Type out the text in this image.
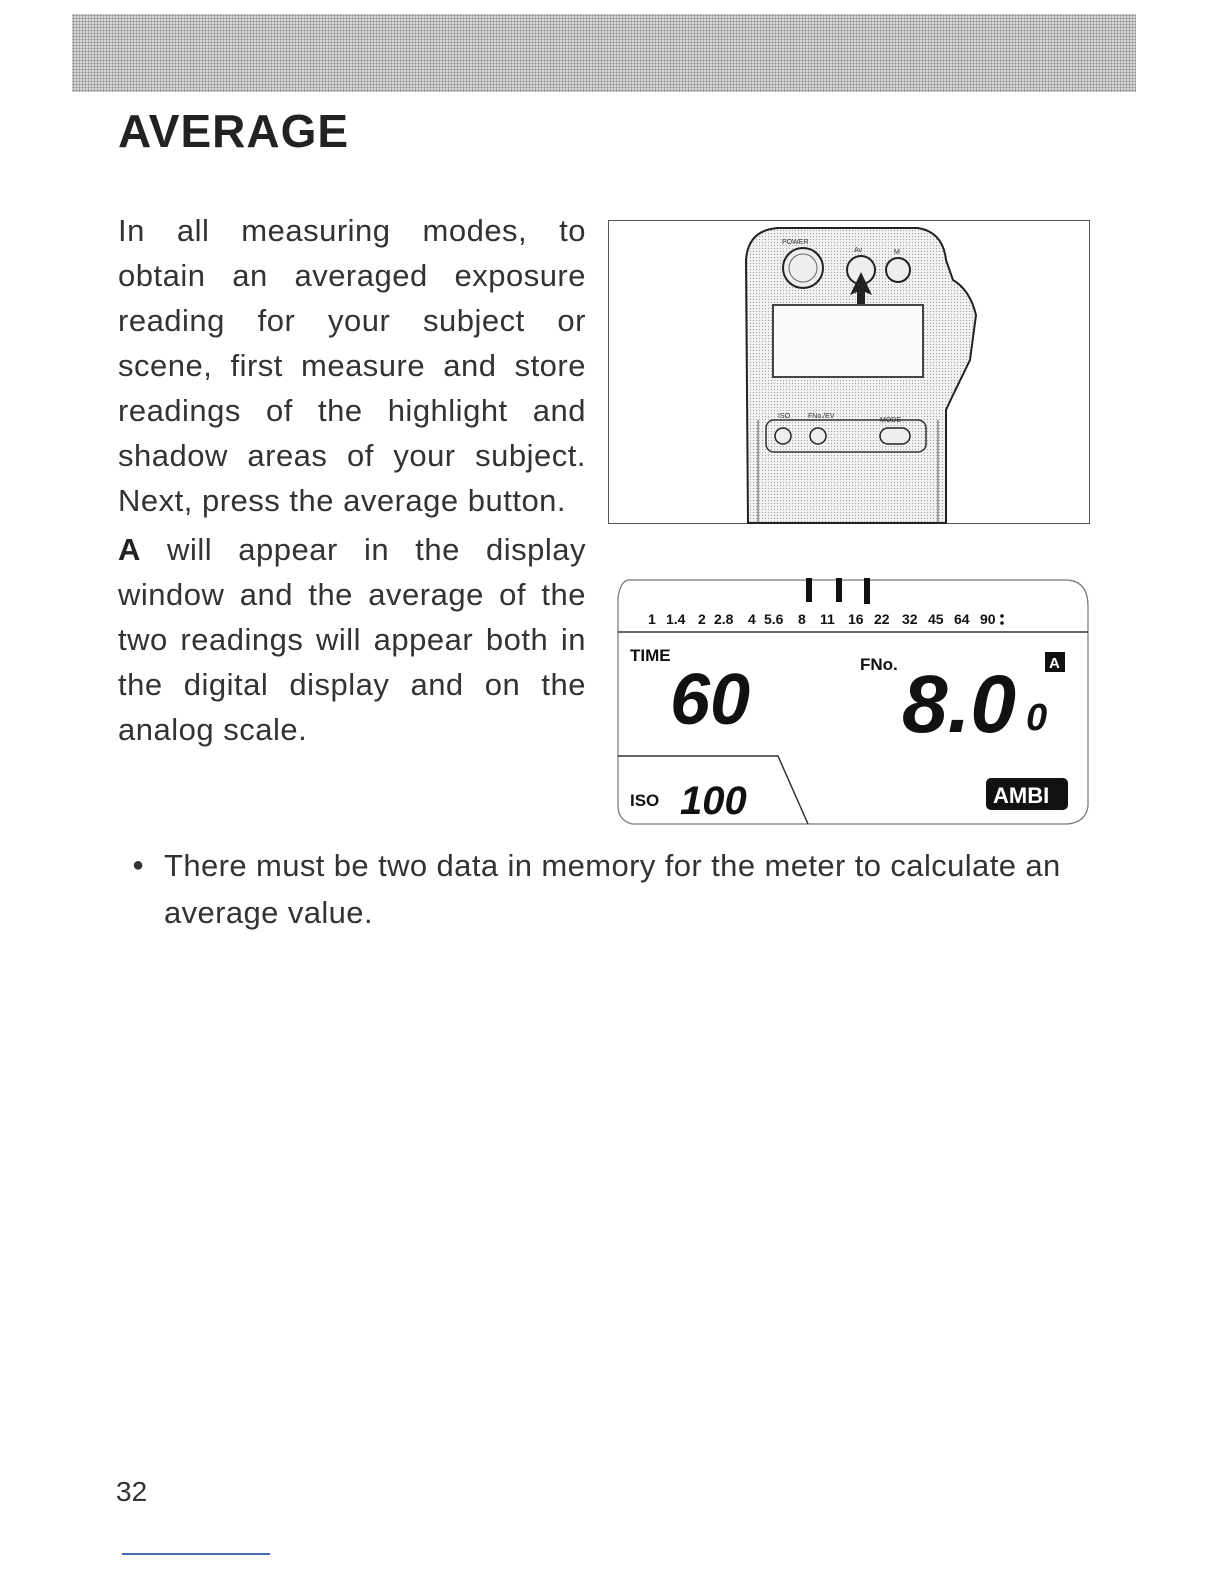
AVERAGE

In all measuring modes, to obtain an averaged exposure reading for your subject or scene, first measure and store readings of the highlight and shadow areas of your subject. Next, press the average button.

A will appear in the display window and the average of the two readings will appear both in the digital display and on the analog scale.

POWER
Av	M
ISO	FNo./EV
MODE
1 1.4 2 2.8 4 5.6 8 11 16 22 32 45 64 90
TIME
60	FNo. 8.0 0
A
ISO 100	AMBI
● There must be two data in memory for the meter to calculate an average value.
32
